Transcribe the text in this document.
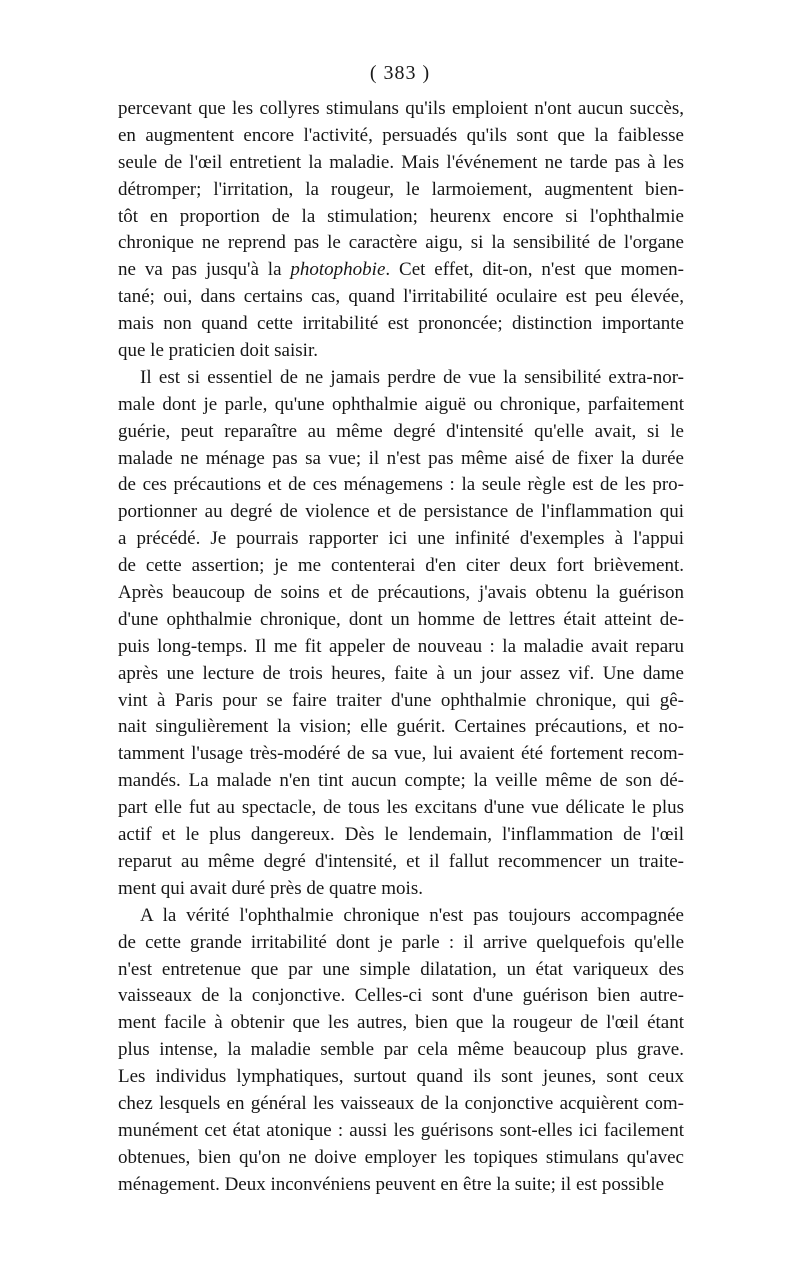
( 383 )
percevant que les collyres stimulans qu'ils emploient n'ont aucun succès,
en augmentent encore l'activité, persuadés qu'ils sont que la faiblesse
seule de l'œil entretient la maladie. Mais l'événement ne tarde pas à les
détromper; l'irritation, la rougeur, le larmoiement, augmentent bien-
tôt en proportion de la stimulation; heurenx encore si l'ophthalmie
chronique ne reprend pas le caractère aigu, si la sensibilité de l'organe
ne va pas jusqu'à la photophobie. Cet effet, dit-on, n'est que momen-
tané; oui, dans certains cas, quand l'irritabilité oculaire est peu élevée,
mais non quand cette irritabilité est prononcée; distinction importante
que le praticien doit saisir.
Il est si essentiel de ne jamais perdre de vue la sensibilité extra-nor-
male dont je parle, qu'une ophthalmie aiguë ou chronique, parfaitement
guérie, peut reparaître au même degré d'intensité qu'elle avait, si le
malade ne ménage pas sa vue; il n'est pas même aisé de fixer la durée
de ces précautions et de ces ménagemens : la seule règle est de les pro-
portionner au degré de violence et de persistance de l'inflammation qui
a précédé. Je pourrais rapporter ici une infinité d'exemples à l'appui
de cette assertion; je me contenterai d'en citer deux fort brièvement.
Après beaucoup de soins et de précautions, j'avais obtenu la guérison
d'une ophthalmie chronique, dont un homme de lettres était atteint de-
puis long-temps. Il me fit appeler de nouveau : la maladie avait reparu
après une lecture de trois heures, faite à un jour assez vif. Une dame
vint à Paris pour se faire traiter d'une ophthalmie chronique, qui gê-
nait singulièrement la vision; elle guérit. Certaines précautions, et no-
tamment l'usage très-modéré de sa vue, lui avaient été fortement recom-
mandés. La malade n'en tint aucun compte; la veille même de son dé-
part elle fut au spectacle, de tous les excitans d'une vue délicate le plus
actif et le plus dangereux. Dès le lendemain, l'inflammation de l'œil
reparut au même degré d'intensité, et il fallut recommencer un traite-
ment qui avait duré près de quatre mois.
A la vérité l'ophthalmie chronique n'est pas toujours accompagnée
de cette grande irritabilité dont je parle : il arrive quelquefois qu'elle
n'est entretenue que par une simple dilatation, un état variqueux des
vaisseaux de la conjonctive. Celles-ci sont d'une guérison bien autre-
ment facile à obtenir que les autres, bien que la rougeur de l'œil étant
plus intense, la maladie semble par cela même beaucoup plus grave.
Les individus lymphatiques, surtout quand ils sont jeunes, sont ceux
chez lesquels en général les vaisseaux de la conjonctive acquièrent com-
munément cet état atonique : aussi les guérisons sont-elles ici facilement
obtenues, bien qu'on ne doive employer les topiques stimulans qu'avec
ménagement. Deux inconvéniens peuvent en être la suite; il est possible
